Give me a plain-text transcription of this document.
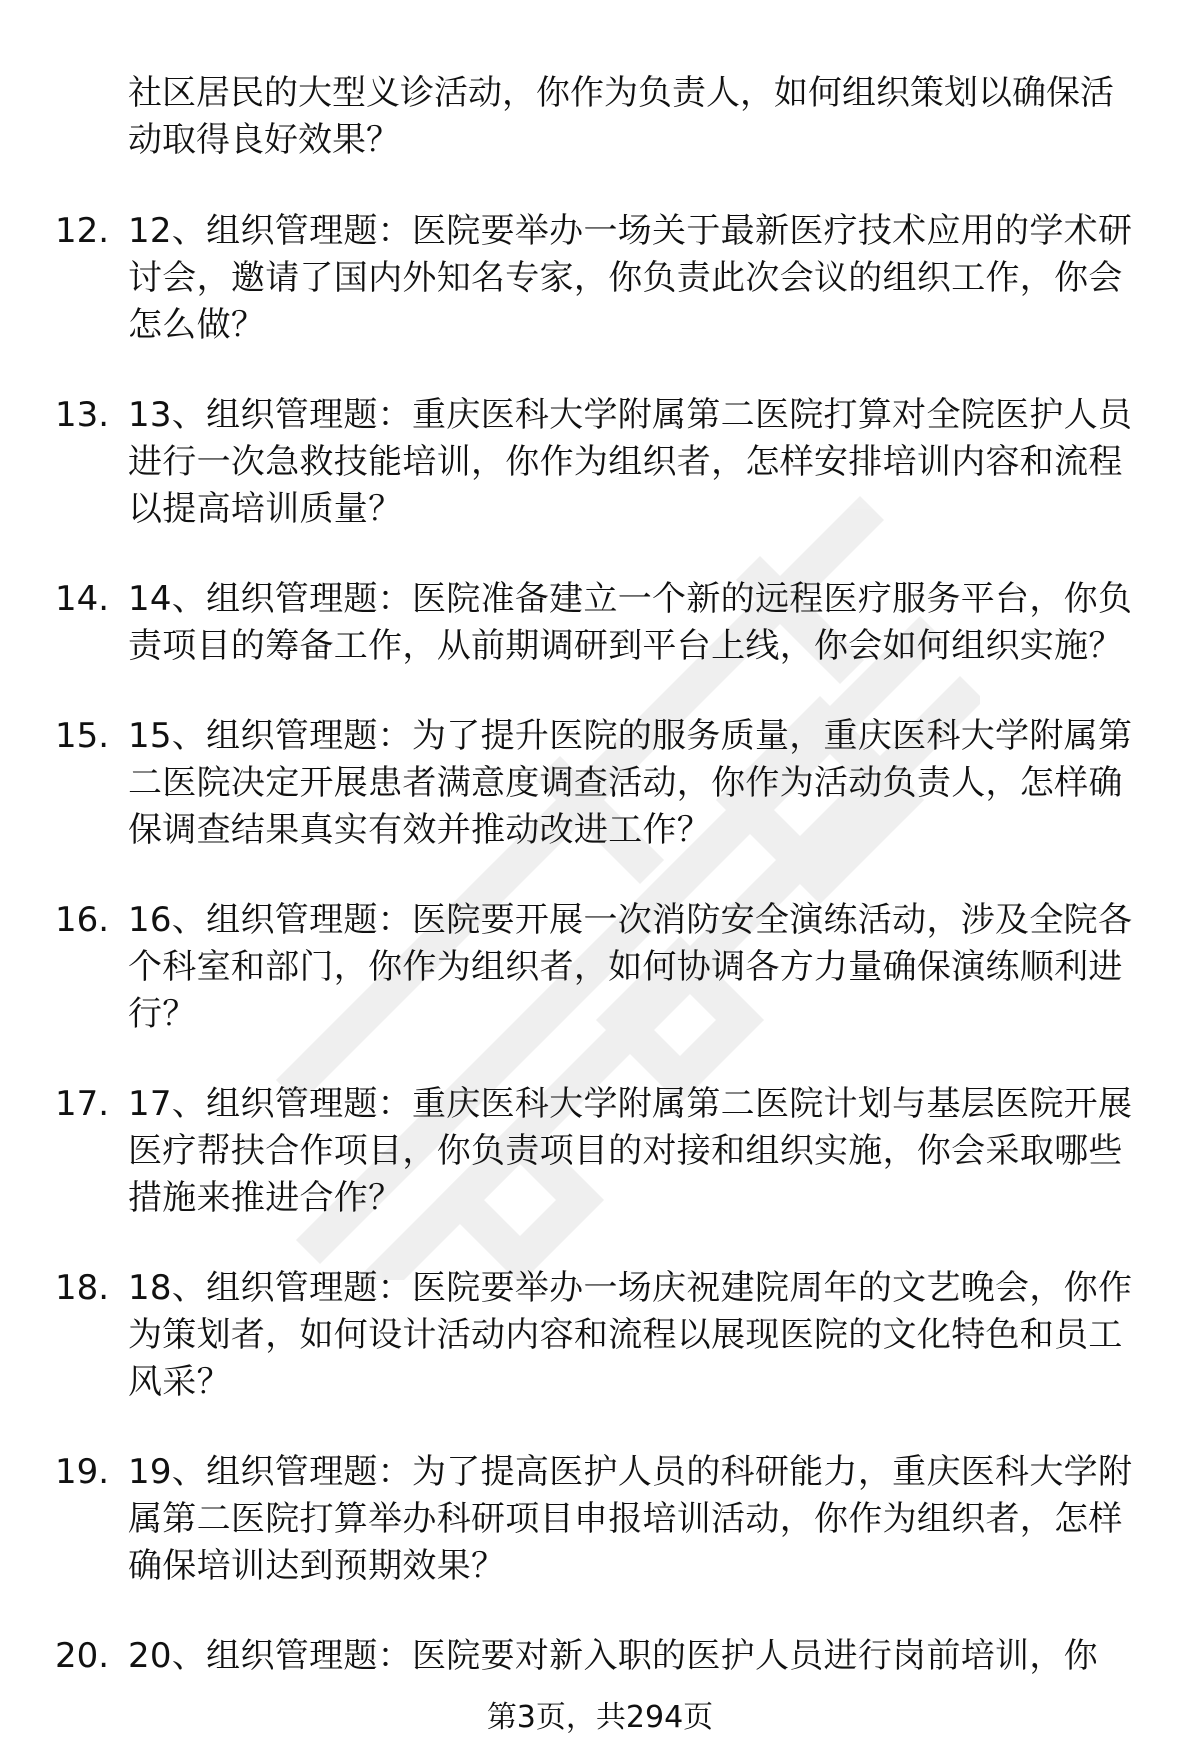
社区居民的大型义诊活动，你作为负责人，如何组织策划以确保活动取得良好效果？
12. 12、组织管理题：医院要举办一场关于最新医疗技术应用的学术研讨会，邀请了国内外知名专家，你负责此次会议的组织工作，你会怎么做？
13. 13、组织管理题：重庆医科大学附属第二医院打算对全院医护人员进行一次急救技能培训，你作为组织者，怎样安排培训内容和流程以提高培训质量？
14. 14、组织管理题：医院准备建立一个新的远程医疗服务平台，你负责项目的筹备工作，从前期调研到平台上线，你会如何组织实施？
15. 15、组织管理题：为了提升医院的服务质量，重庆医科大学附属第二医院决定开展患者满意度调查活动，你作为活动负责人，怎样确保调查结果真实有效并推动改进工作？
16. 16、组织管理题：医院要开展一次消防安全演练活动，涉及全院各个科室和部门，你作为组织者，如何协调各方力量确保演练顺利进行？
17. 17、组织管理题：重庆医科大学附属第二医院计划与基层医院开展医疗帮扶合作项目，你负责项目的对接和组织实施，你会采取哪些措施来推进合作？
18. 18、组织管理题：医院要举办一场庆祝建院周年的文艺晚会，你作为策划者，如何设计活动内容和流程以展现医院的文化特色和员工风采？
19. 19、组织管理题：为了提高医护人员的科研能力，重庆医科大学附属第二医院打算举办科研项目申报培训活动，你作为组织者，怎样确保培训达到预期效果？
20. 20、组织管理题：医院要对新入职的医护人员进行岗前培训，你
第3页，共294页
